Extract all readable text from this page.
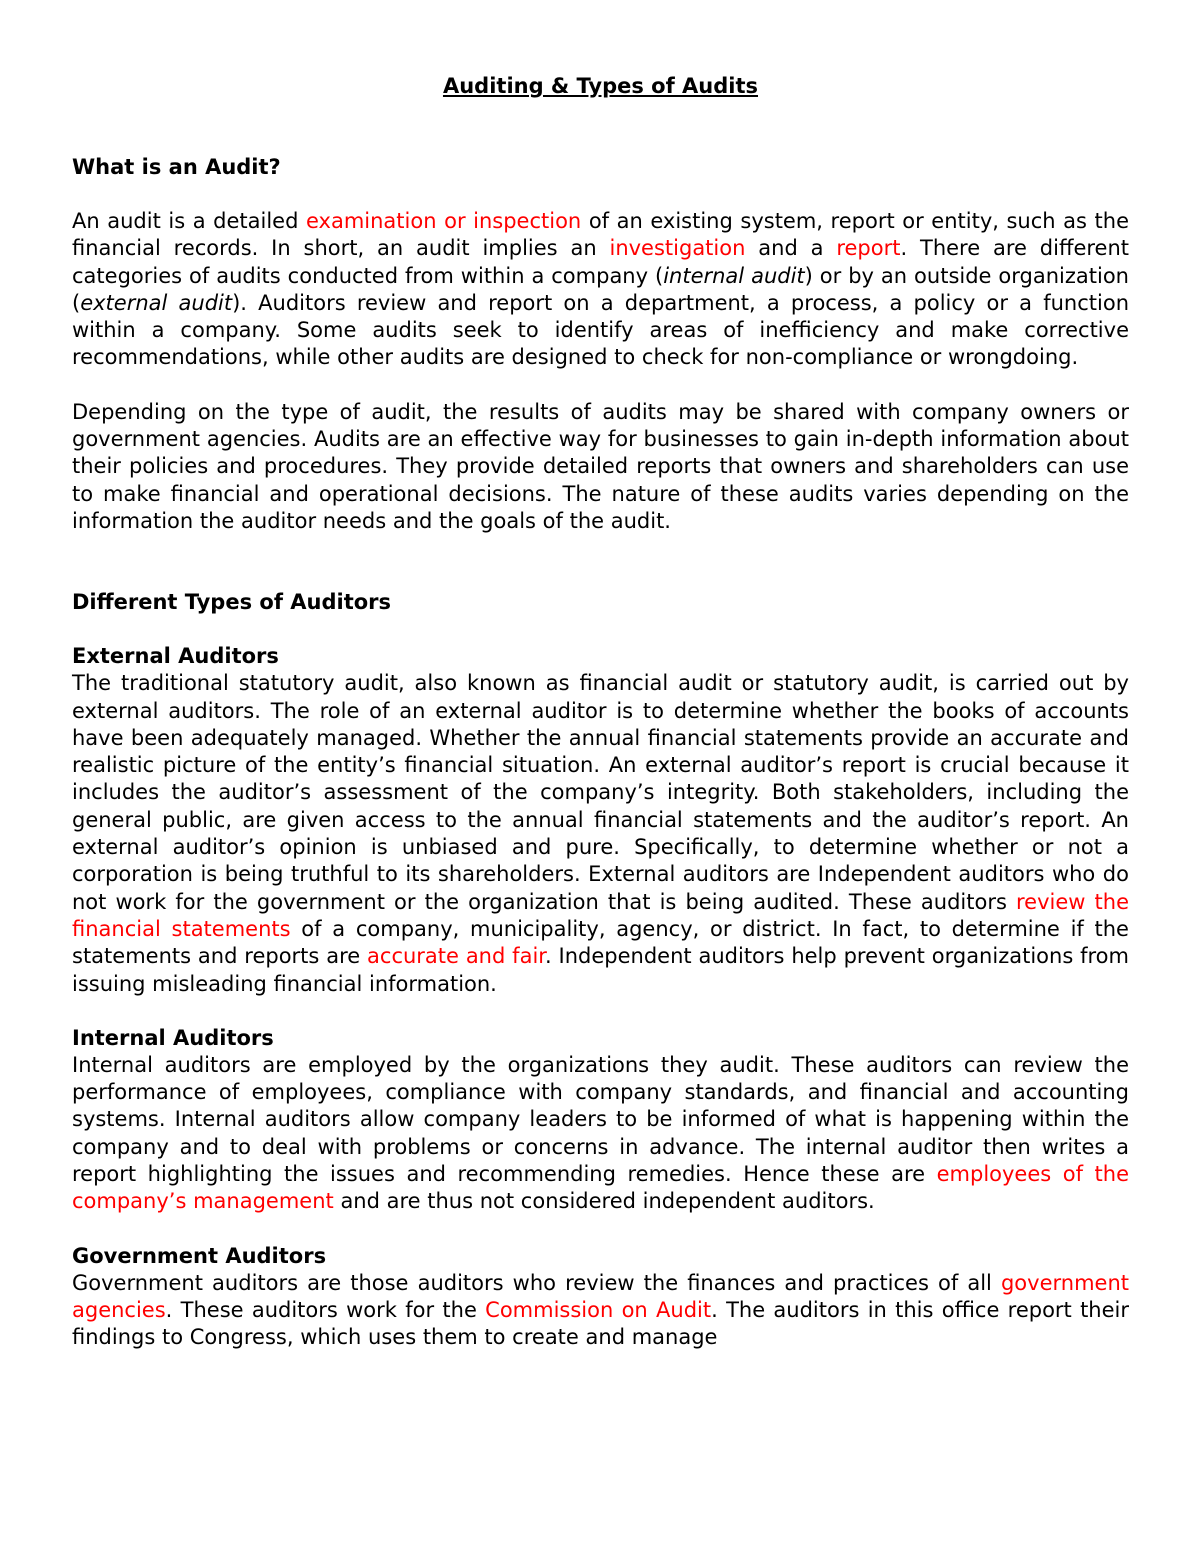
Auditing & Types of Audits
What is an Audit?

An audit is a detailed examination or inspection of an existing system, report or entity, such as the financial records. In short, an audit implies an investigation and a report. There are different categories of audits conducted from within a company (internal audit) or by an outside organization (external audit). Auditors review and report on a department, a process, a policy or a function within a company. Some audits seek to identify areas of inefficiency and make corrective recommendations, while other audits are designed to check for non-compliance or wrongdoing.

Depending on the type of audit, the results of audits may be shared with company owners or government agencies. Audits are an effective way for businesses to gain in-depth information about their policies and procedures. They provide detailed reports that owners and shareholders can use to make financial and operational decisions. The nature of these audits varies depending on the information the auditor needs and the goals of the audit.

Different Types of Auditors
External Auditors

The traditional statutory audit, also known as financial audit or statutory audit, is carried out by external auditors. The role of an external auditor is to determine whether the books of accounts have been adequately managed. Whether the annual financial statements provide an accurate and realistic picture of the entity’s financial situation. An external auditor’s report is crucial because it includes the auditor’s assessment of the company’s integrity. Both stakeholders, including the general public, are given access to the annual financial statements and the auditor’s report. An external auditor’s opinion is unbiased and pure. Specifically, to determine whether or not a corporation is being truthful to its shareholders. External auditors are Independent auditors who do not work for the government or the organization that is being audited. These auditors review the financial statements of a company, municipality, agency, or district. In fact, to determine if the statements and reports are accurate and fair. Independent auditors help prevent organizations from issuing misleading financial information.

Internal Auditors

Internal auditors are employed by the organizations they audit. These auditors can review the performance of employees, compliance with company standards, and financial and accounting systems. Internal auditors allow company leaders to be informed of what is happening within the company and to deal with problems or concerns in advance. The internal auditor then writes a report highlighting the issues and recommending remedies. Hence these are employees of the company’s management and are thus not considered independent auditors.

Government Auditors

Government auditors are those auditors who review the finances and practices of all government agencies. These auditors work for the Commission on Audit. The auditors in this office report their findings to Congress, which uses them to create and manage
